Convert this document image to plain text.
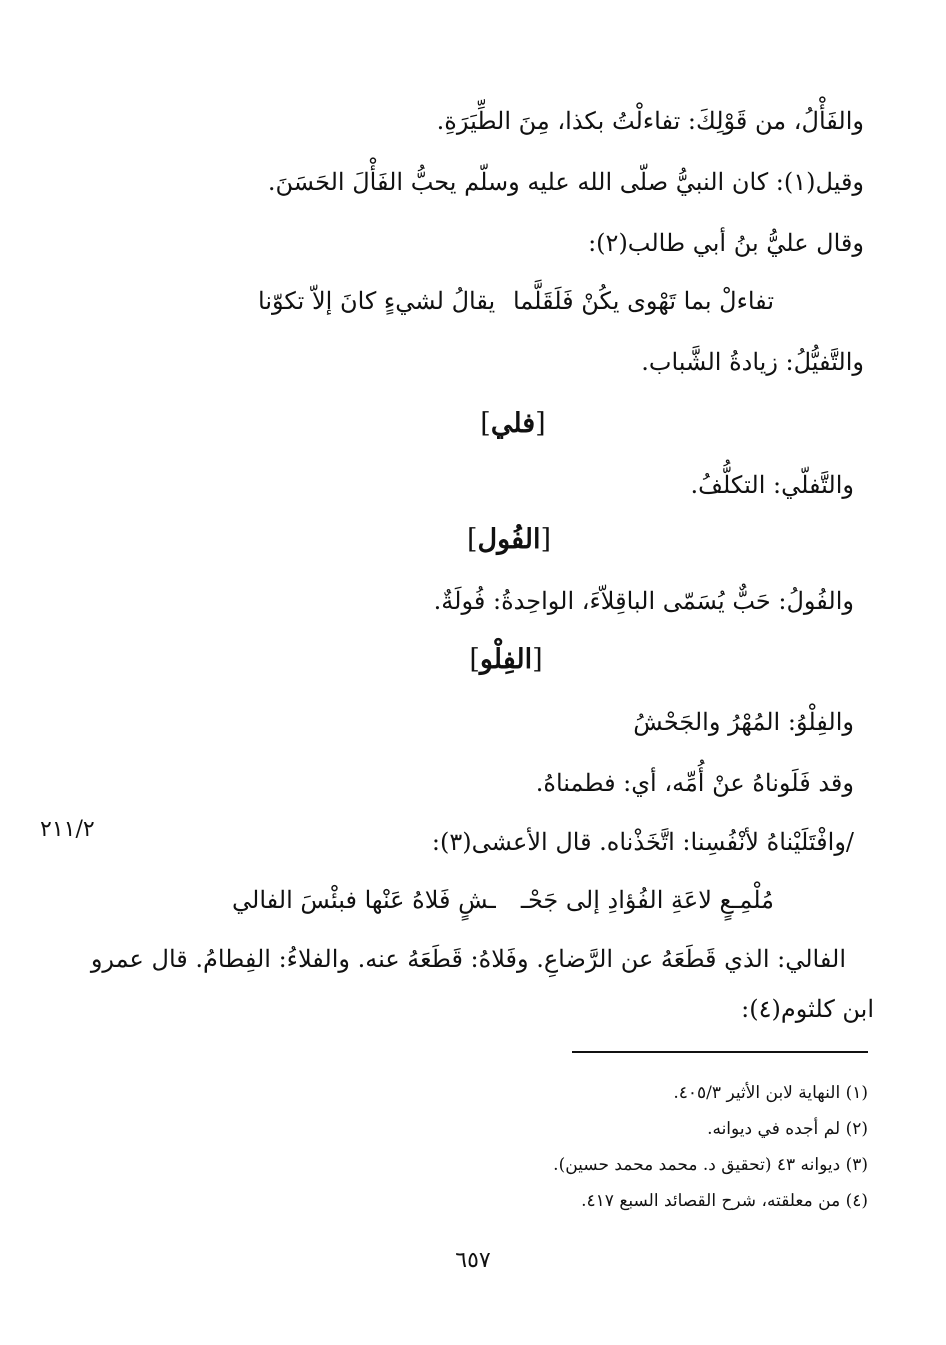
والفَأْلُ، من قَوْلِكَ: تفاءلْتُ بكذا، مِنَ الطِّيَرَةِ.
وقيل(١): كان النبيُّ صلّى الله عليه وسلّم يحبُّ الفَأْلَ الحَسَنَ.
وقال عليُّ بنُ أبي طالب(٢):
تفاءلْ بما تَهْوى يكُنْ فَلَقَلَّما
يقالُ لشيءٍ كانَ إلاّ تكوّنا
والتَّفيُّلُ: زيادةُ الشَّباب.
[فلي]
والتَّفلّي: التكلُّفُ.
[الفُول]
والفُولُ: حَبٌّ يُسَمّى الباقِلاّءَ، الواحِدةُ: فُولَةٌ.
[الفِلْو]
والفِلْوُ: المُهْرُ والجَحْشُ
وقد فَلَوناهُ عنْ أُمِّه، أي: فطمناهُ.
/وافْتَلَيْناهُ لأنْفُسِنا: اتَّخَذْناه. قال الأعشى(٣):
٢١١/٢
مُلْمِـعٍ لاعَةِ الفُؤادِ إلى جَحْـ
ـشٍ فَلاهُ عَنْها فبئْسَ الفالي
الفالي: الذي قَطَعَهُ عن الرَّضاعِ. وفَلاهُ: قَطَعَهُ عنه. والفلاءُ: الفِطامُ. قال عمرو
ابن كلثوم(٤):
(١) النهاية لابن الأثير ٤٠٥/٣.
(٢) لم أجده في ديوانه.
(٣) ديوانه ٤٣ (تحقيق د. محمد محمد حسين).
(٤) من معلقته، شرح القصائد السبع ٤١٧.
٦٥٧
